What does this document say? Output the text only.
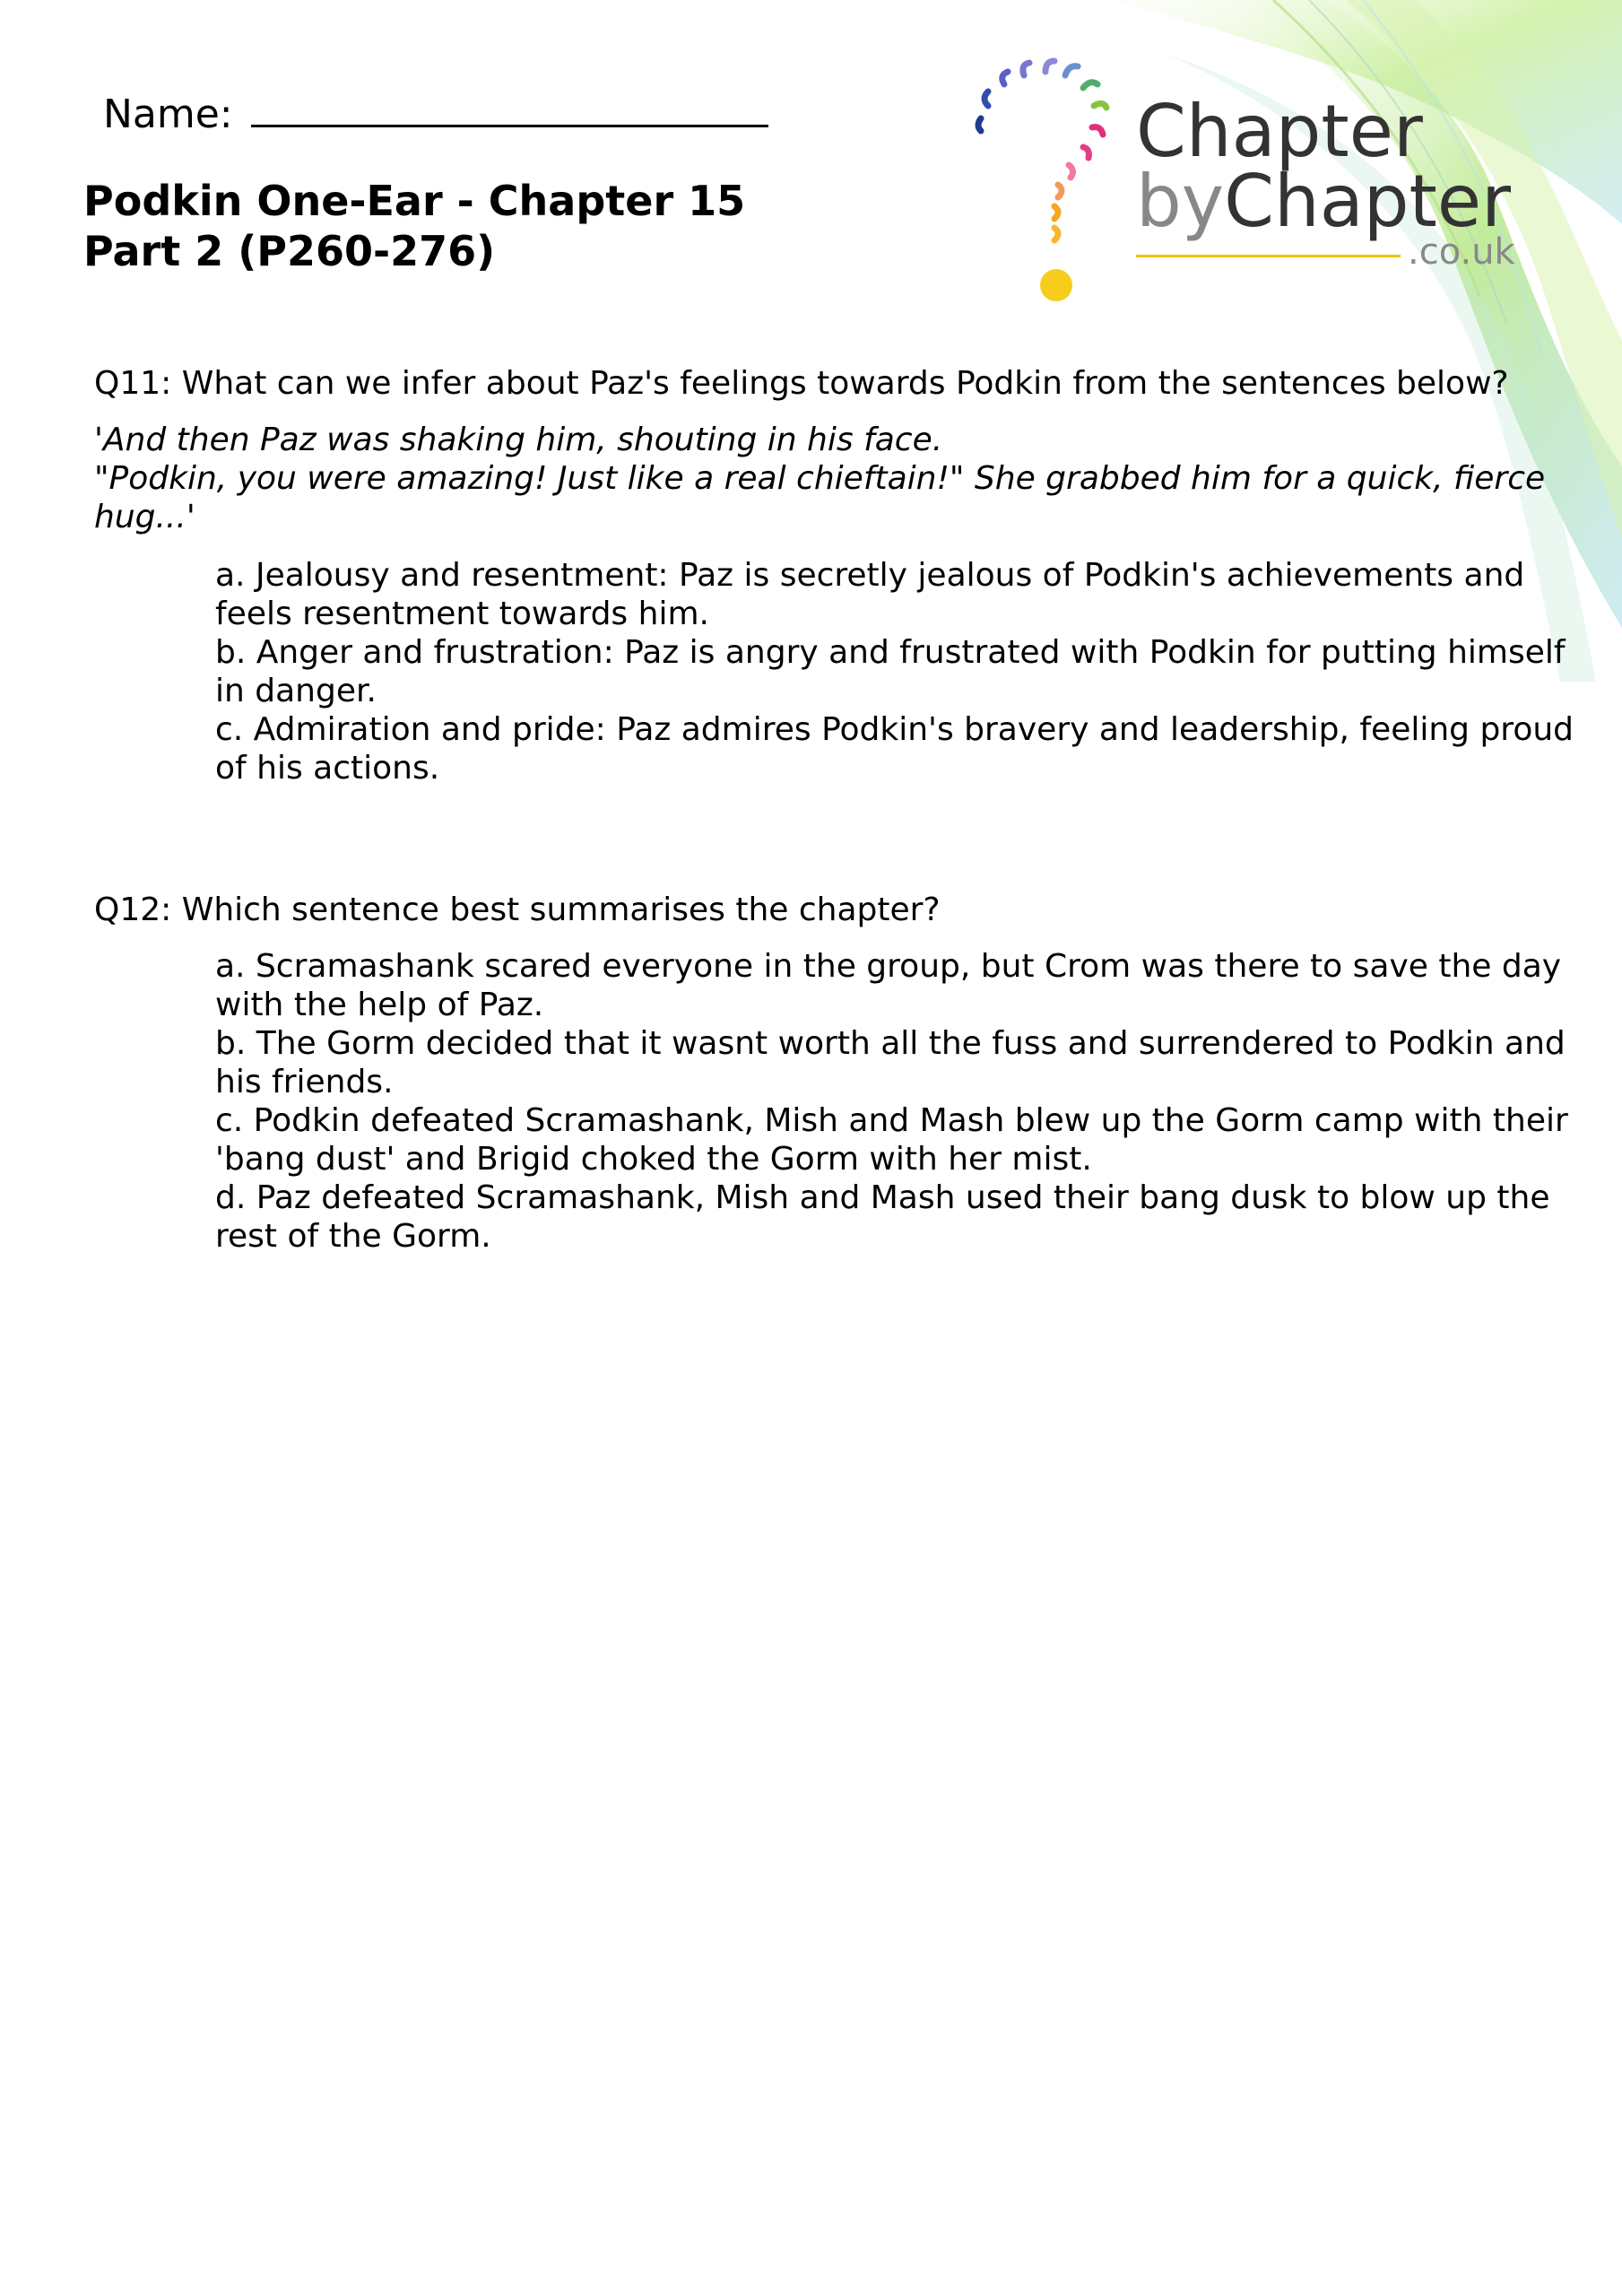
Name:
Podkin One-Ear - Chapter 15
Part 2 (P260-276)
Chapter
byChapter
.co.uk
Q11: What can we infer about Paz's feelings towards Podkin from the sentences below?
'And then Paz was shaking him, shouting in his face.
"Podkin, you were amazing! Just like a real chieftain!" She grabbed him for a quick, fierce hug...'
a. Jealousy and resentment: Paz is secretly jealous of Podkin's achievements and feels resentment towards him.
b. Anger and frustration: Paz is angry and frustrated with Podkin for putting himself in danger.
c. Admiration and pride: Paz admires Podkin's bravery and leadership, feeling proud of his actions.
Q12: Which sentence best summarises the chapter?
a. Scramashank scared everyone in the group, but Crom was there to save the day with the help of Paz.
b. The Gorm decided that it wasnt worth all the fuss and surrendered to Podkin and his friends.
c. Podkin defeated Scramashank, Mish and Mash blew up the Gorm camp with their 'bang dust' and Brigid choked the Gorm with her mist.
d. Paz defeated Scramashank, Mish and Mash used their bang dusk to blow up the rest of the Gorm.
